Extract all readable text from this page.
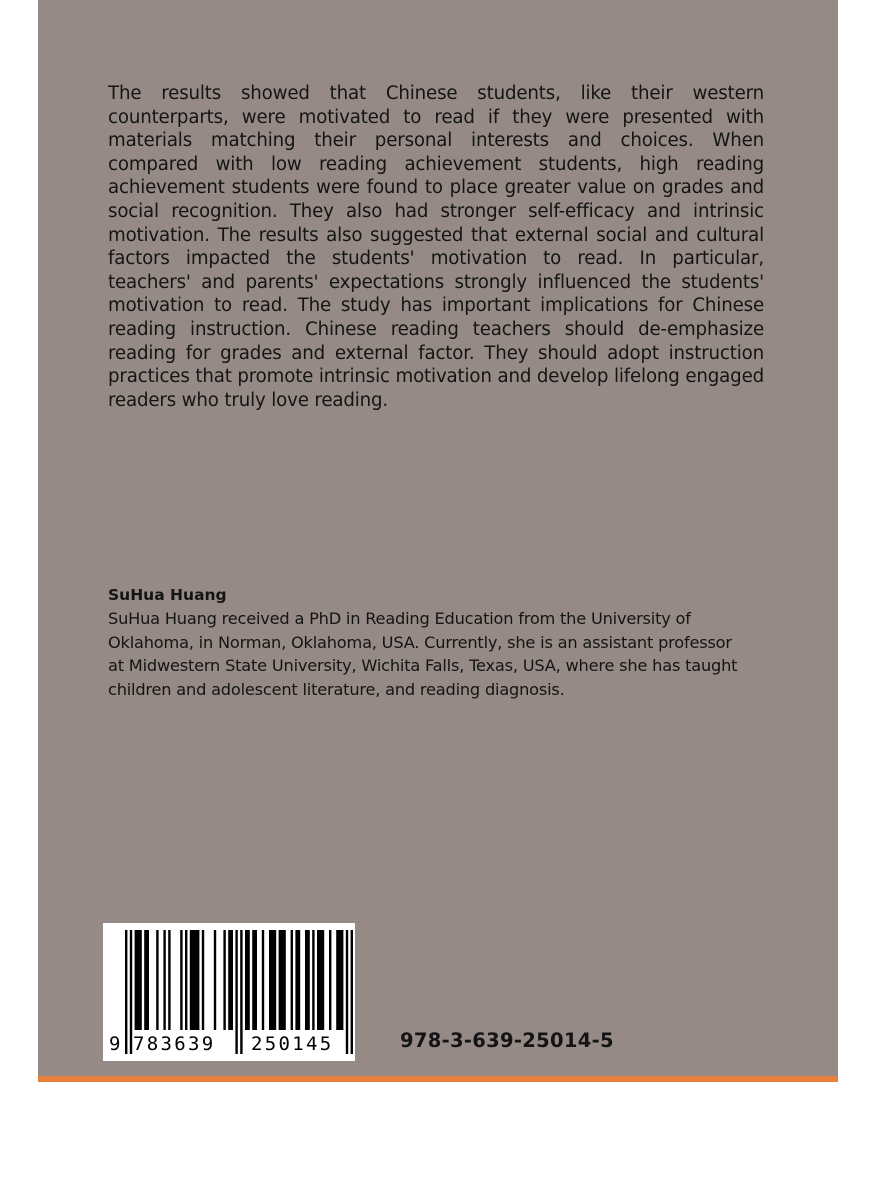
The results showed that Chinese students, like their western counterparts, were motivated to read if they were presented with materials matching their personal interests and choices. When compared with low reading achievement students, high reading achievement students were found to place greater value on grades and social recognition. They also had stronger self-efficacy and intrinsic motivation. The results also suggested that external social and cultural factors impacted the students' motivation to read. In particular, teachers' and parents' expectations strongly influenced the students' motivation to read. The study has important implications for Chinese reading instruction. Chinese reading teachers should de-emphasize reading for grades and external factor. They should adopt instruction practices that promote intrinsic motivation and develop lifelong engaged readers who truly love reading.

SuHua Huang

SuHua Huang received a PhD in Reading Education from the University of
Oklahoma, in Norman, Oklahoma, USA. Currently, she is an assistant professor
at Midwestern State University, Wichita Falls, Texas, USA, where she has taught
children and adolescent literature, and reading diagnosis.

9 783639 250145	978-3-639-25014-5
